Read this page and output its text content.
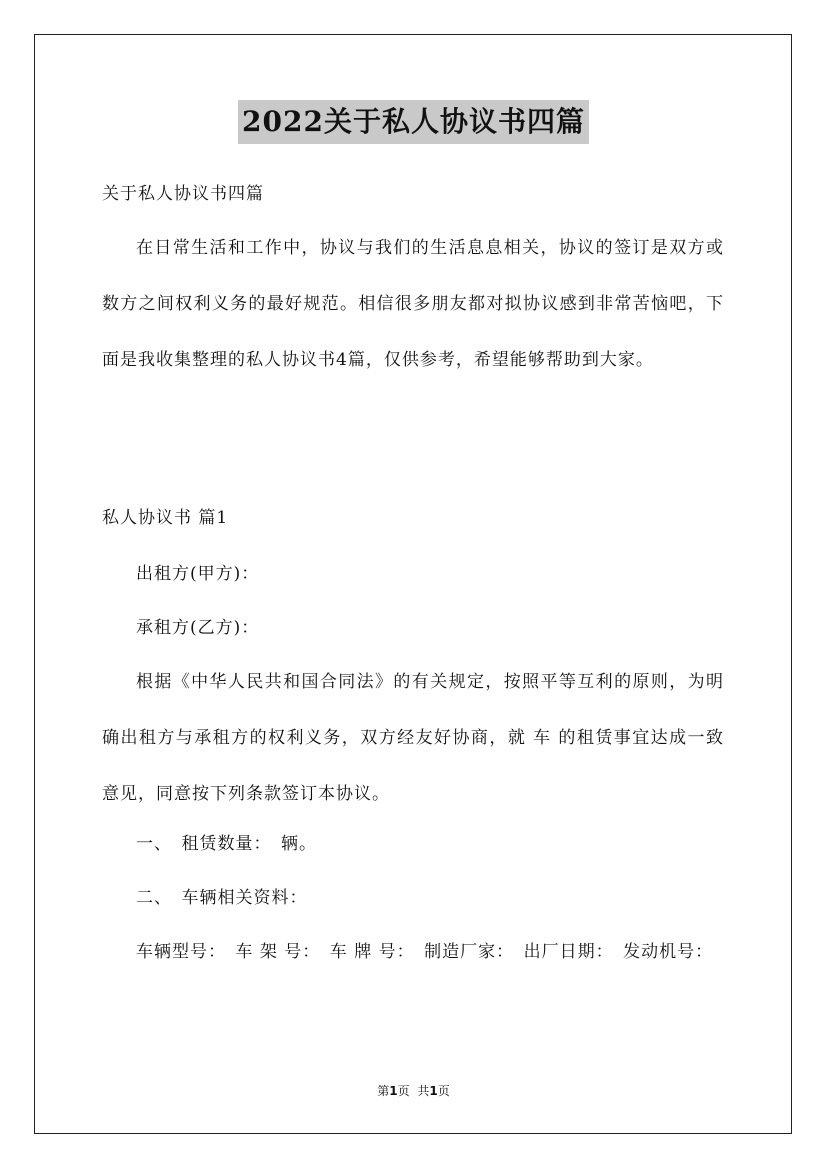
2022关于私人协议书四篇

关于私人协议书四篇

在日常生活和工作中，协议与我们的生活息息相关，协议的签订是双方或数方之间权利义务的最好规范。相信很多朋友都对拟协议感到非常苦恼吧，下面是我收集整理的私人协议书4篇，仅供参考，希望能够帮助到大家。

私人协议书 篇1

出租方(甲方)：

承租方(乙方)：

根据《中华人民共和国合同法》的有关规定，按照平等互利的原则，为明确出租方与承租方的权利义务，双方经友好协商，就 车 的租赁事宜达成一致意见，同意按下列条款签订本协议。

一、　租赁数量：　辆。

二、　车辆相关资料：

车辆型号：　车 架 号：　车 牌 号：　制造厂家：　出厂日期：　发动机号：

第1页 共1页
